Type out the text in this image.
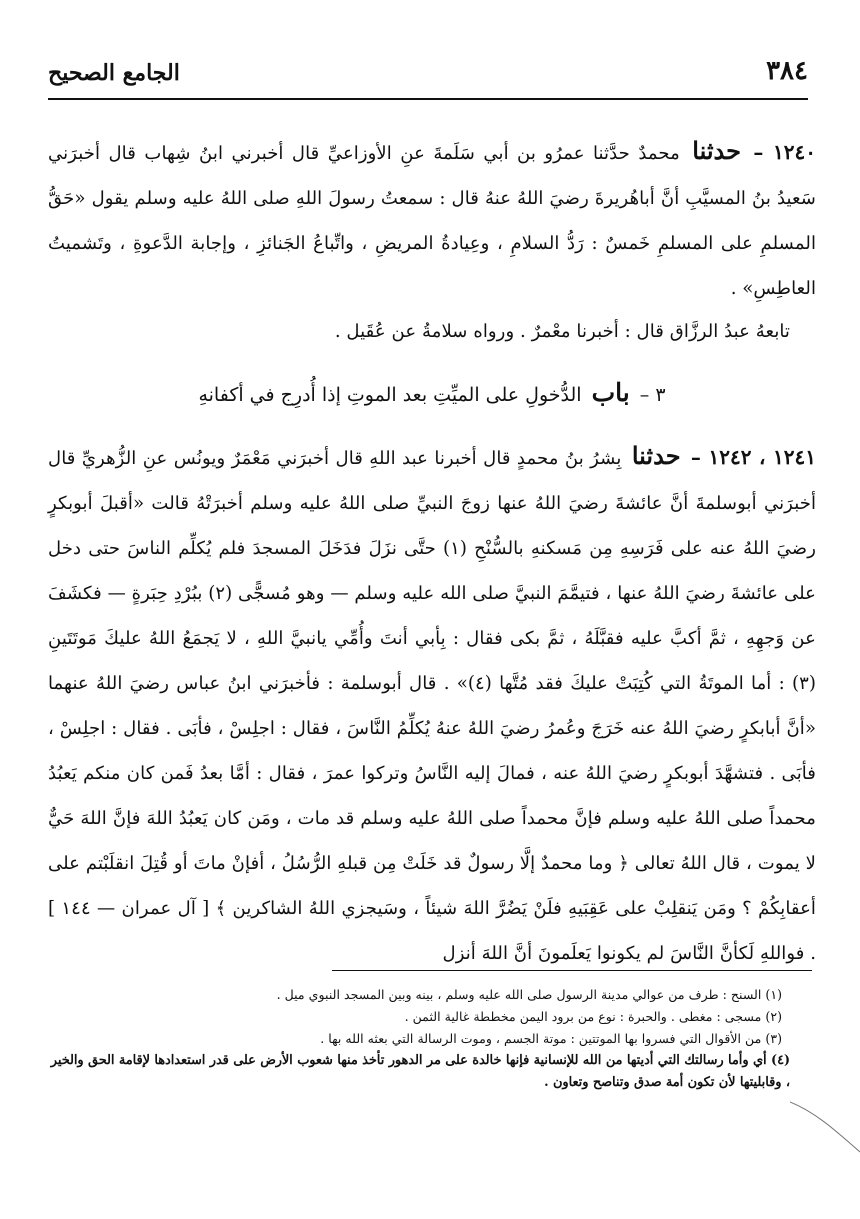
٣٨٤
الجامع الصحيح

١٢٤٠ – حدثنا محمدٌ حدَّثنا عمرُو بن أبي سَلَمةَ عنِ الأوزاعيِّ قال أخبرني ابنُ شِهاب قال أخبرَني سَعيدُ بنُ المسيَّبِ أنَّ أباهُريرةَ رضيَ اللهُ عنهُ قال : سمعتُ رسولَ اللهِ صلى اللهُ عليه وسلم يقول «حَقُّ المسلمِ على المسلمِ خَمسٌ : رَدُّ السلامِ ، وعِيادةُ المريضِ ، واتِّباعُ الجَنائزِ ، وإجابة الدَّعوةِ ، وتَشميتُ العاطِسِ» .

تابعهُ عبدُ الرزَّاق قال : أخبرنا معْمرٌ . ورواه سلامةُ عن عُقَيل .

٣ – باب الدُّخولِ على الميِّتِ بعد الموتِ إذا أُدرِج في أكفانهِ

١٢٤١ ، ١٢٤٢ – حدثنا بِشرُ بنُ محمدٍ قال أخبرنا عبد اللهِ قال أخبرَني مَعْمَرٌ ويونُس عنِ الزُّهريِّ قال أخبرَني أبوسلمةَ أنَّ عائشةَ رضيَ اللهُ عنها زوجَ النبيِّ صلى اللهُ عليه وسلم أخبرَتْهُ قالت «أقبلَ أبوبكرٍ رضيَ اللهُ عنه على فَرَسِهِ مِن مَسكنهِ بالسُّنْحِ (١) حتَّى نزَلَ فدَخَلَ المسجدَ فلم يُكلِّم الناسَ حتى دخل على عائشةَ رضيَ اللهُ عنها ، فتيمَّمَ النبيَّ صلى الله عليه وسلم — وهو مُسجًّى (٢) ببُرْدِ حِبَرةٍ — فكشَفَ عن وَجهِهِ ، ثمَّ أكبَّ عليه فقبَّلَهُ ، ثمَّ بكى فقال : بِأبي أنتَ وأُمِّي يانبيَّ اللهِ ، لا يَجمَعُ اللهُ عليكَ مَوتَتَينِ (٣) : أما الموتَةُ التي كُتِبَتْ عليكَ فقد مُتَّها (٤)» . قال أبوسلمة : فأخبرَني ابنُ عباس رضيَ اللهُ عنهما «أنَّ أبابكرٍ رضيَ اللهُ عنه خَرَجَ وعُمرُ رضيَ اللهُ عنهُ يُكلِّمُ النَّاسَ ، فقال : اجلِسْ ، فأبَى . فقال : اجلِسْ ، فأبَى . فتشهَّدَ أبوبكرٍ رضيَ اللهُ عنه ، فمالَ إليه النَّاسُ وتركوا عمرَ ، فقال : أمَّا بعدُ فَمن كان منكم يَعبُدُ محمداً صلى اللهُ عليه وسلم فإنَّ محمداً صلى اللهُ عليه وسلم قد مات ، ومَن كان يَعبُدُ اللهَ فإنَّ اللهَ حَيٌّ لا يموت ، قال اللهُ تعالى ﴿ وما محمدٌ إلَّا رسولٌ قد خَلَتْ مِن قبلهِ الرُّسُلُ ، أفإنْ ماتَ أو قُتِلَ انقلَبْتم على أعقابِكُمْ ؟ ومَن يَنقلِبْ على عَقِبَيهِ فلَنْ يَضُرَّ اللهَ شيئاً ، وسَيجزي اللهُ الشاكرين ﴾ [ آل عمران — ١٤٤ ] . فواللهِ لَكأنَّ النَّاسَ لم يكونوا يَعلَمونَ أنَّ اللهَ أنزل

(١) السنح : طرف من عوالي مدينة الرسول صلى الله عليه وسلم ، بينه وبين المسجد النبوي ميل .

(٢) مسجى : مغطى . والحبرة : نوع من برود اليمن مخططة غالية الثمن .

(٣) من الأقوال التي فسروا بها الموتتين : موتة الجسم ، وموت الرسالة التي بعثه الله بها .

(٤) أي وأما رسالتك التي أديتها من الله للإنسانية فإنها خالدة على مر الدهور تأخذ منها شعوب الأرض على قدر استعدادها لإقامة الحق والخير ، وقابليتها لأن تكون أمة صدق وتناصح وتعاون .
